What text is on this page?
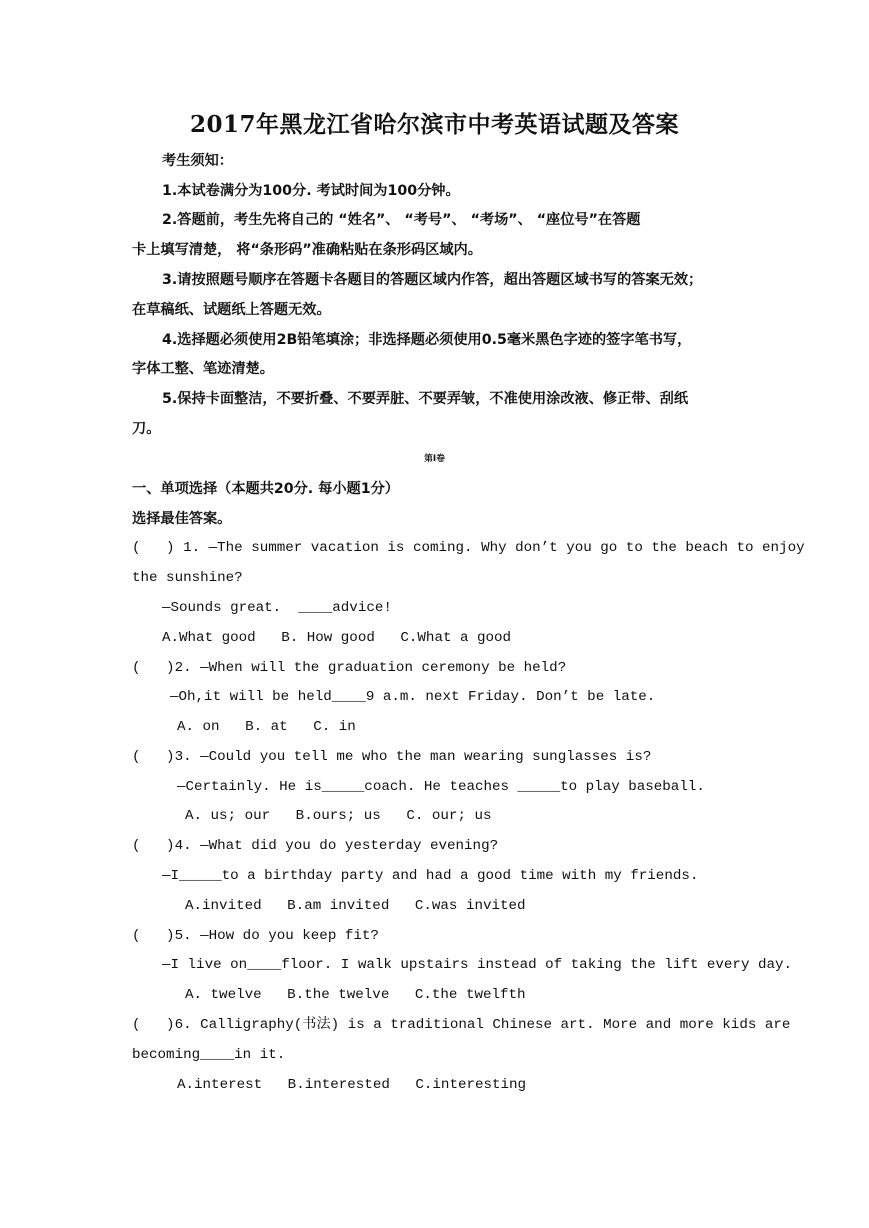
2017年黑龙江省哈尔滨市中考英语试题及答案
考生须知：
1.本试卷满分为100分. 考试时间为100分钟。
2.答题前，考生先将自己的 “姓名”、 “考号”、 “考场”、 “座位号”在答题
卡上填写清楚， 将“条形码”准确粘贴在条形码区域内。
3.请按照题号顺序在答题卡各题目的答题区域内作答，超出答题区域书写的答案无效；
在草稿纸、试题纸上答题无效。
4.选择题必须使用2B铅笔填涂；非选择题必须使用0.5毫米黑色字迹的签字笔书写，
字体工整、笔迹清楚。
5.保持卡面整洁，不要折叠、不要弄脏、不要弄皱，不准使用涂改液、修正带、刮纸
刀。
第Ⅰ卷
一、单项选择（本题共20分. 每小题1分）
选择最佳答案。
(   ) 1. —The summer vacation is coming. Why don’t you go to the beach to enjoy
the sunshine?
—Sounds great.  ____advice!
A.What good   B. How good   C.What a good
(   )2. —When will the graduation ceremony be held?
—Oh,it will be held____9 a.m. next Friday. Don’t be late.
A. on   B. at   C. in
(   )3. —Could you tell me who the man wearing sunglasses is?
—Certainly. He is_____coach. He teaches _____to play baseball.
A. us; our   B.ours; us   C. our; us
(   )4. —What did you do yesterday evening?
—I_____to a birthday party and had a good time with my friends.
A.invited   B.am invited   C.was invited
(   )5. —How do you keep fit?
—I live on____floor. I walk upstairs instead of taking the lift every day.
A. twelve   B.the twelve   C.the twelfth
(   )6. Calligraphy(书法) is a traditional Chinese art. More and more kids are
becoming____in it.
A.interest   B.interested   C.interesting
